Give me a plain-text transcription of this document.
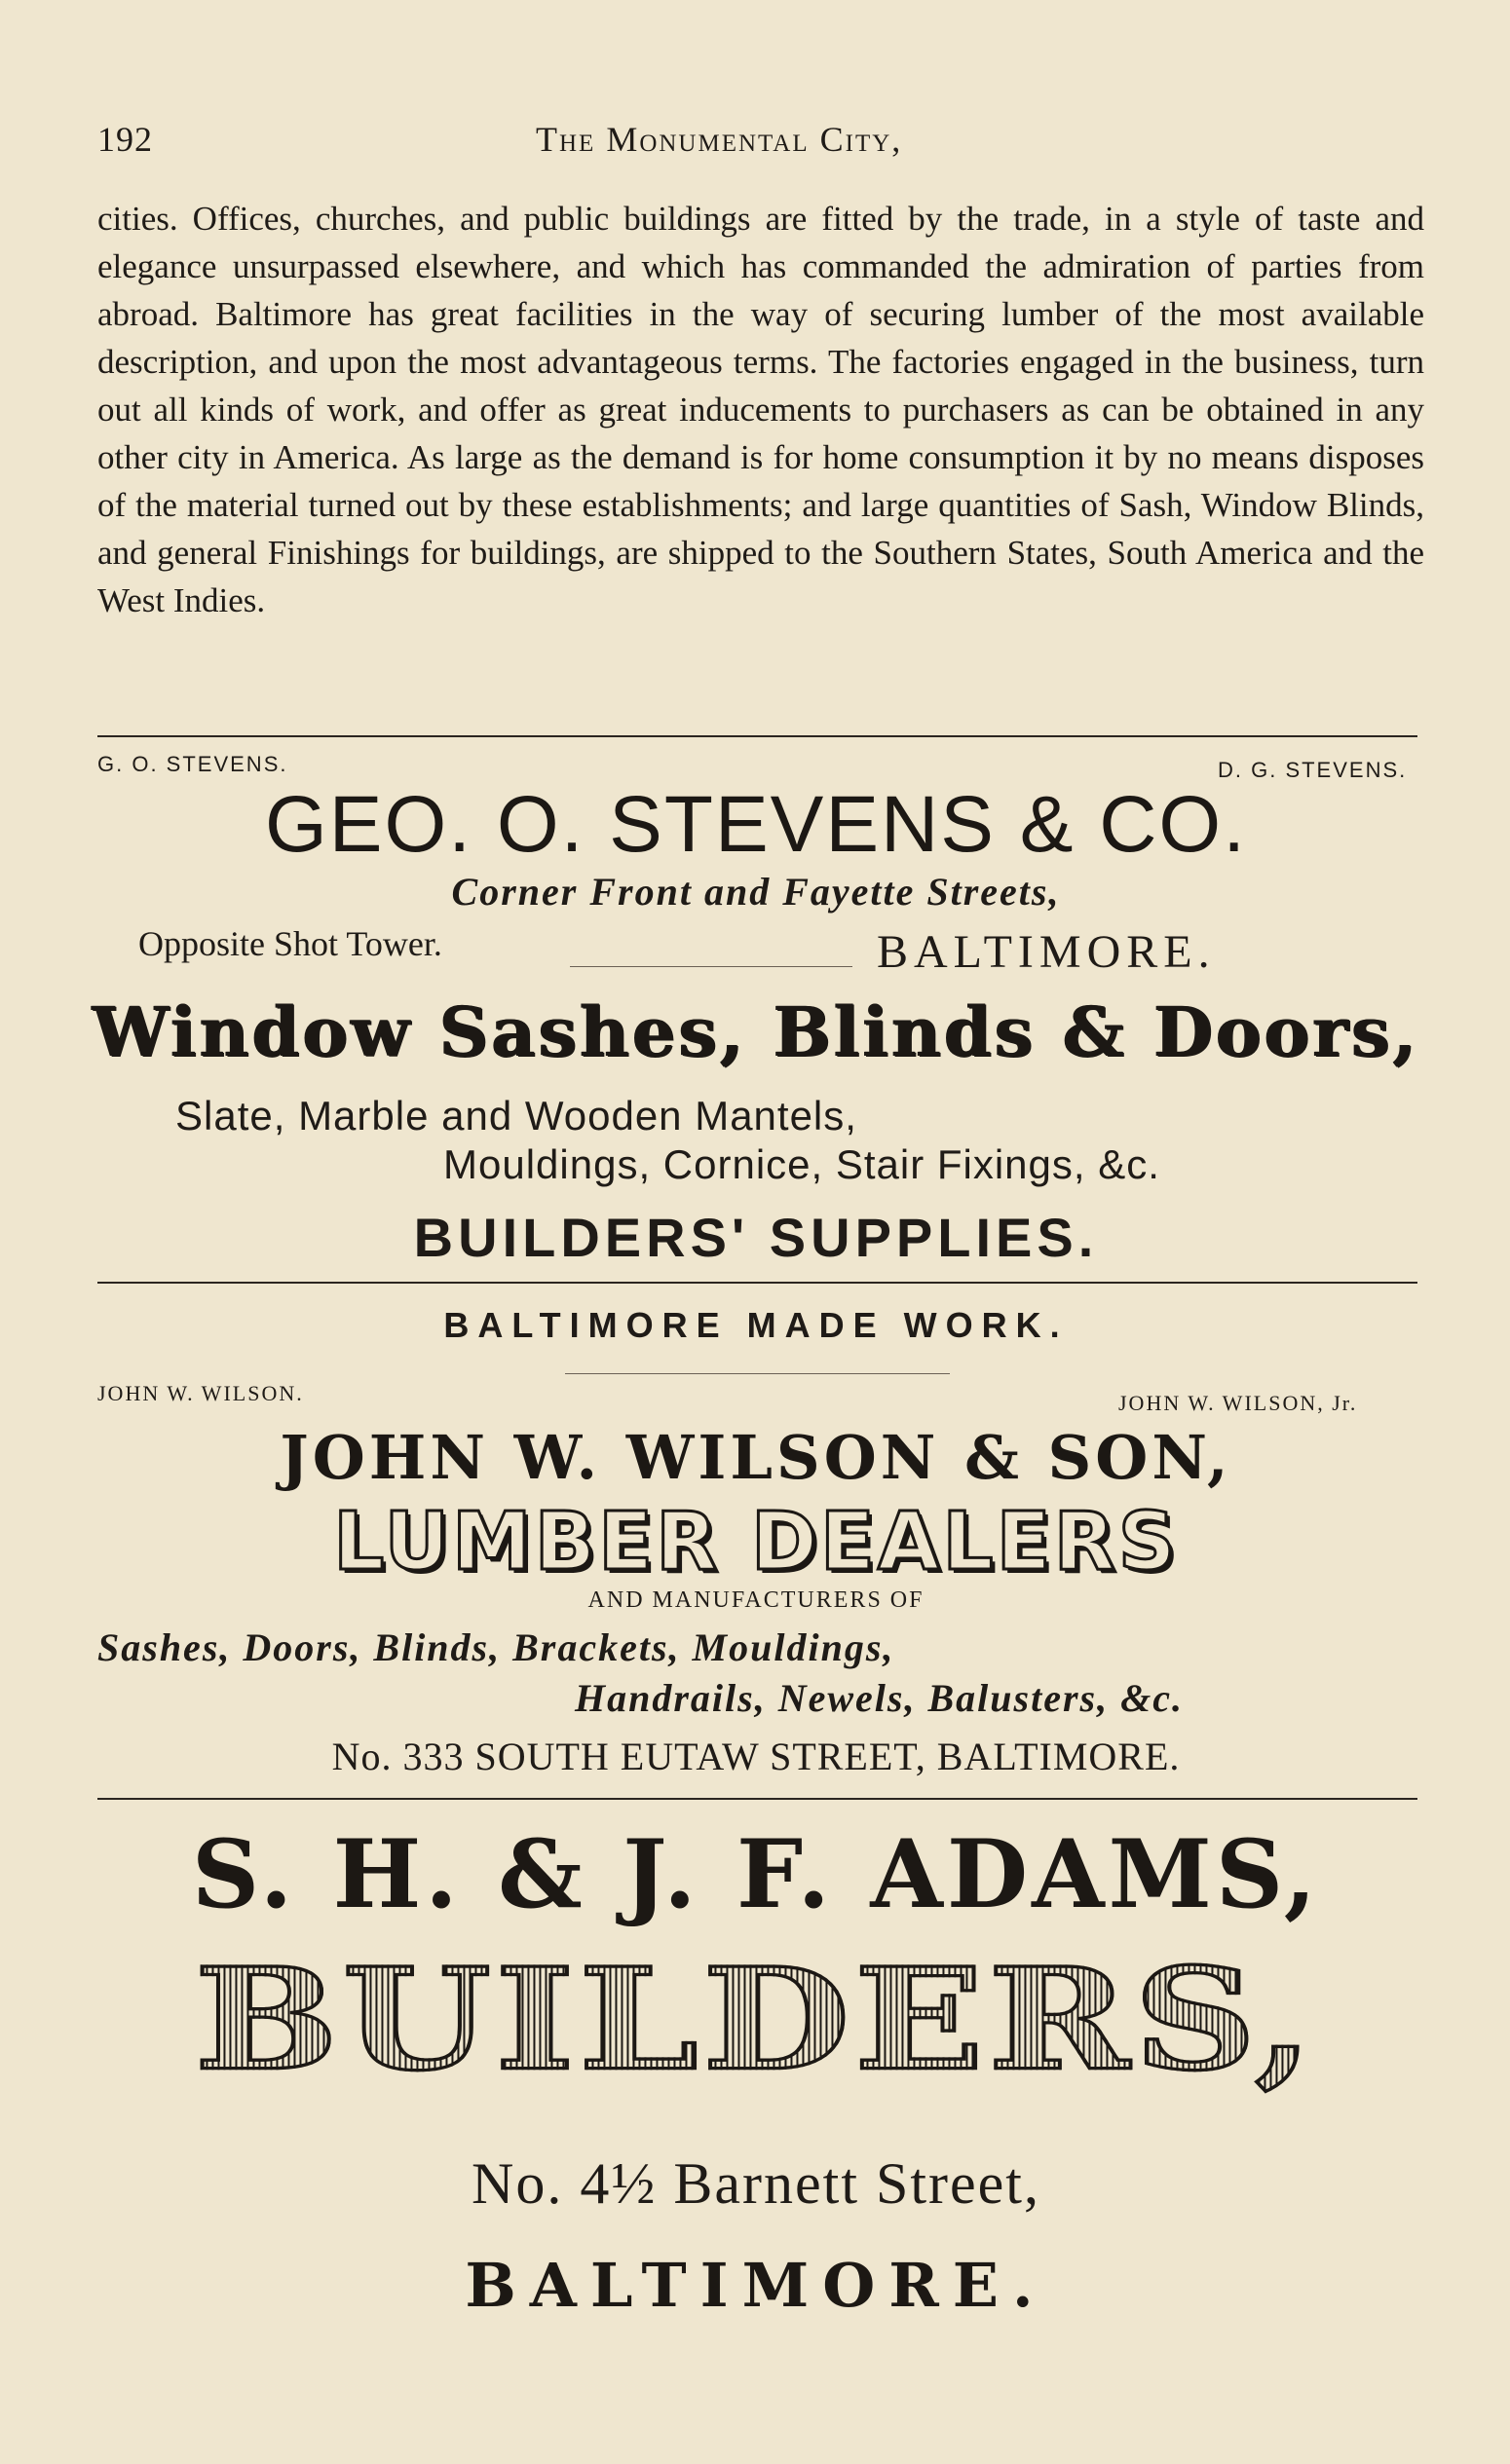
192	The Monumental City,
cities. Offices, churches, and public buildings are fitted by the trade, in a style of taste and elegance unsurpassed elsewhere, and which has commanded the admiration of parties from abroad. Baltimore has great facilities in the way of securing lumber of the most available description, and upon the most advantageous terms. The factories engaged in the business, turn out all kinds of work, and offer as great inducements to purchasers as can be obtained in any other city in America. As large as the demand is for home consumption it by no means disposes of the material turned out by these establishments; and large quantities of Sash, Window Blinds, and general Finishings for buildings, are shipped to the Southern States, South America and the West Indies.
G. O. STEVENS.	D. G. STEVENS.
GEO. O. STEVENS & CO.
Corner Front and Fayette Streets,
Opposite Shot Tower.	BALTIMORE.
Window Sashes, Blinds & Doors,
Slate, Marble and Wooden Mantels,
Mouldings, Cornice, Stair Fixings, &c.
BUILDERS' SUPPLIES.
BALTIMORE MADE WORK.
JOHN W. WILSON.	JOHN W. WILSON, Jr.
JOHN W. WILSON & SON,
LUMBER DEALERS
AND MANUFACTURERS OF
Sashes, Doors, Blinds, Brackets, Mouldings,
Handrails, Newels, Balusters, &c.
No. 333 SOUTH EUTAW STREET, BALTIMORE.
S. H. & J. F. ADAMS,
BUILDERS,
No. 4½ Barnett Street,
BALTIMORE.
